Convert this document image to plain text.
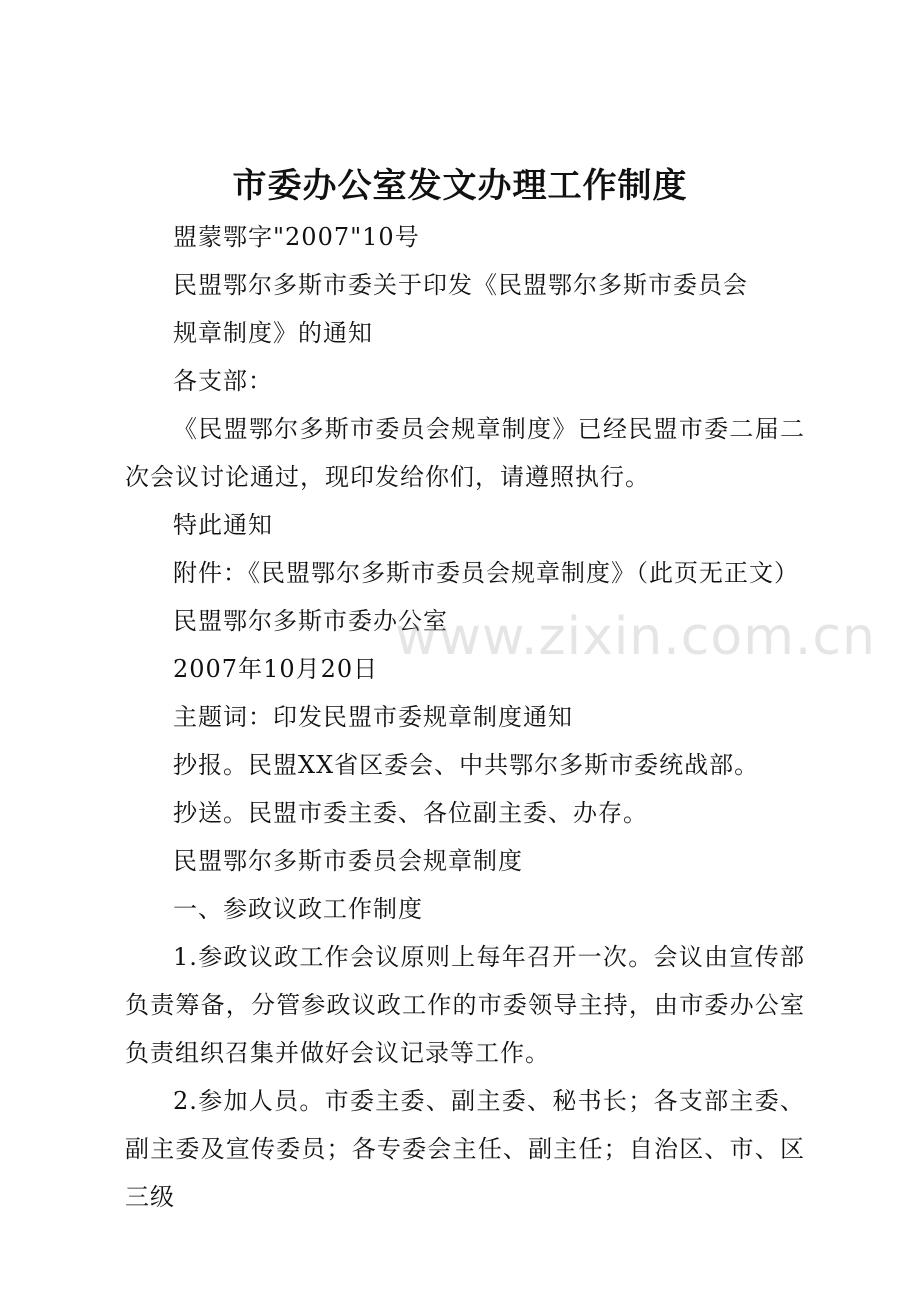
市委办公室发文办理工作制度

盟蒙鄂字"2007"10号

民盟鄂尔多斯市委关于印发《民盟鄂尔多斯市委员会

规章制度》的通知

各支部：

《民盟鄂尔多斯市委员会规章制度》已经民盟市委二届二次会议讨论通过，现印发给你们，请遵照执行。

特此通知

附件：《民盟鄂尔多斯市委员会规章制度》（此页无正文）

民盟鄂尔多斯市委办公室

2007年10月20日

主题词：印发民盟市委规章制度通知

抄报。民盟XX省区委会、中共鄂尔多斯市委统战部。

抄送。民盟市委主委、各位副主委、办存。

民盟鄂尔多斯市委员会规章制度

一、参政议政工作制度

1.参政议政工作会议原则上每年召开一次。会议由宣传部负责筹备，分管参政议政工作的市委领导主持，由市委办公室负责组织召集并做好会议记录等工作。

2.参加人员。市委主委、副主委、秘书长；各支部主委、副主委及宣传委员；各专委会主任、副主任；自治区、市、区三级

www.zixin.com.cn
